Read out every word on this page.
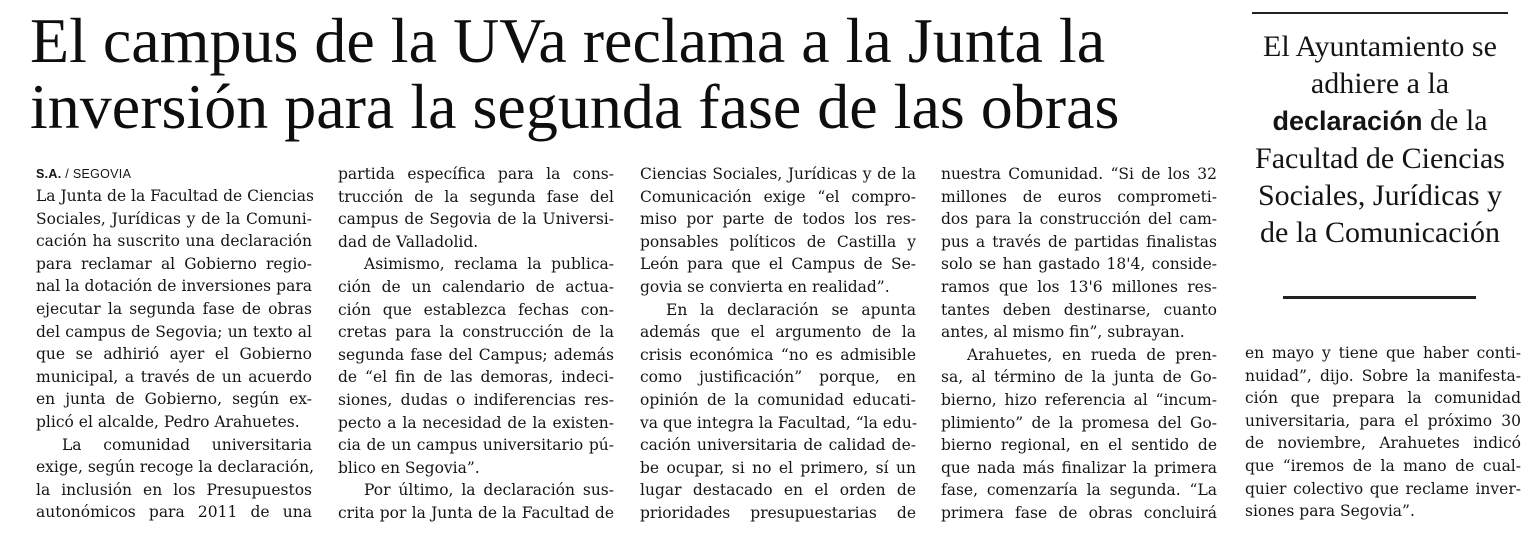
El campus de la UVa reclama a la Junta la
inversión para la segunda fase de las obras
El Ayuntamiento se adhiere a la declaración de la Facultad de Ciencias Sociales, Jurídicas y de la Comunicación
S.A. / SEGOVIA

La Junta de la Facultad de Ciencias
Sociales, Jurídicas y de la Comuni-
cación ha suscrito una declaración
para reclamar al Gobierno regio-
nal la dotación de inversiones para
ejecutar la segunda fase de obras
del campus de Segovia; un texto al
que se adhirió ayer el Gobierno
municipal, a través de un acuerdo
en junta de Gobierno, según ex-
plicó el alcalde, Pedro Arahuetes.

La comunidad universitaria
exige, según recoge la declaración,
la inclusión en los Presupuestos
autonómicos para 2011 de una

partida específica para la cons-
trucción de la segunda fase del
campus de Segovia de la Universi-
dad de Valladolid.

Asimismo, reclama la publica-
ción de un calendario de actua-
ción que establezca fechas con-
cretas para la construcción de la
segunda fase del Campus; además
de “el fin de las demoras, indeci-
siones, dudas o indiferencias res-
pecto a la necesidad de la existen-
cia de un campus universitario pú-
blico en Segovia”.

Por último, la declaración sus-
crita por la Junta de la Facultad de

Ciencias Sociales, Jurídicas y de la
Comunicación exige “el compro-
miso por parte de todos los res-
ponsables políticos de Castilla y
León para que el Campus de Se-
govia se convierta en realidad”.

En la declaración se apunta
además que el argumento de la
crisis económica “no es admisible
como justificación” porque, en
opinión de la comunidad educati-
va que integra la Facultad, “la edu-
cación universitaria de calidad de-
be ocupar, si no el primero, sí un
lugar destacado en el orden de
prioridades presupuestarias de

nuestra Comunidad. “Si de los 32
millones de euros comprometi-
dos para la construcción del cam-
pus a través de partidas finalistas
solo se han gastado 18'4, conside-
ramos que los 13'6 millones res-
tantes deben destinarse, cuanto
antes, al mismo fin”, subrayan.

Arahuetes, en rueda de pren-
sa, al término de la junta de Go-
bierno, hizo referencia al “incum-
plimiento” de la promesa del Go-
bierno regional, en el sentido de
que nada más finalizar la primera
fase, comenzaría la segunda. “La
primera fase de obras concluirá

en mayo y tiene que haber conti-
nuidad”, dijo. Sobre la manifesta-
ción que prepara la comunidad
universitaria, para el próximo 30
de noviembre, Arahuetes indicó
que “iremos de la mano de cual-
quier colectivo que reclame inver-
siones para Segovia”.
